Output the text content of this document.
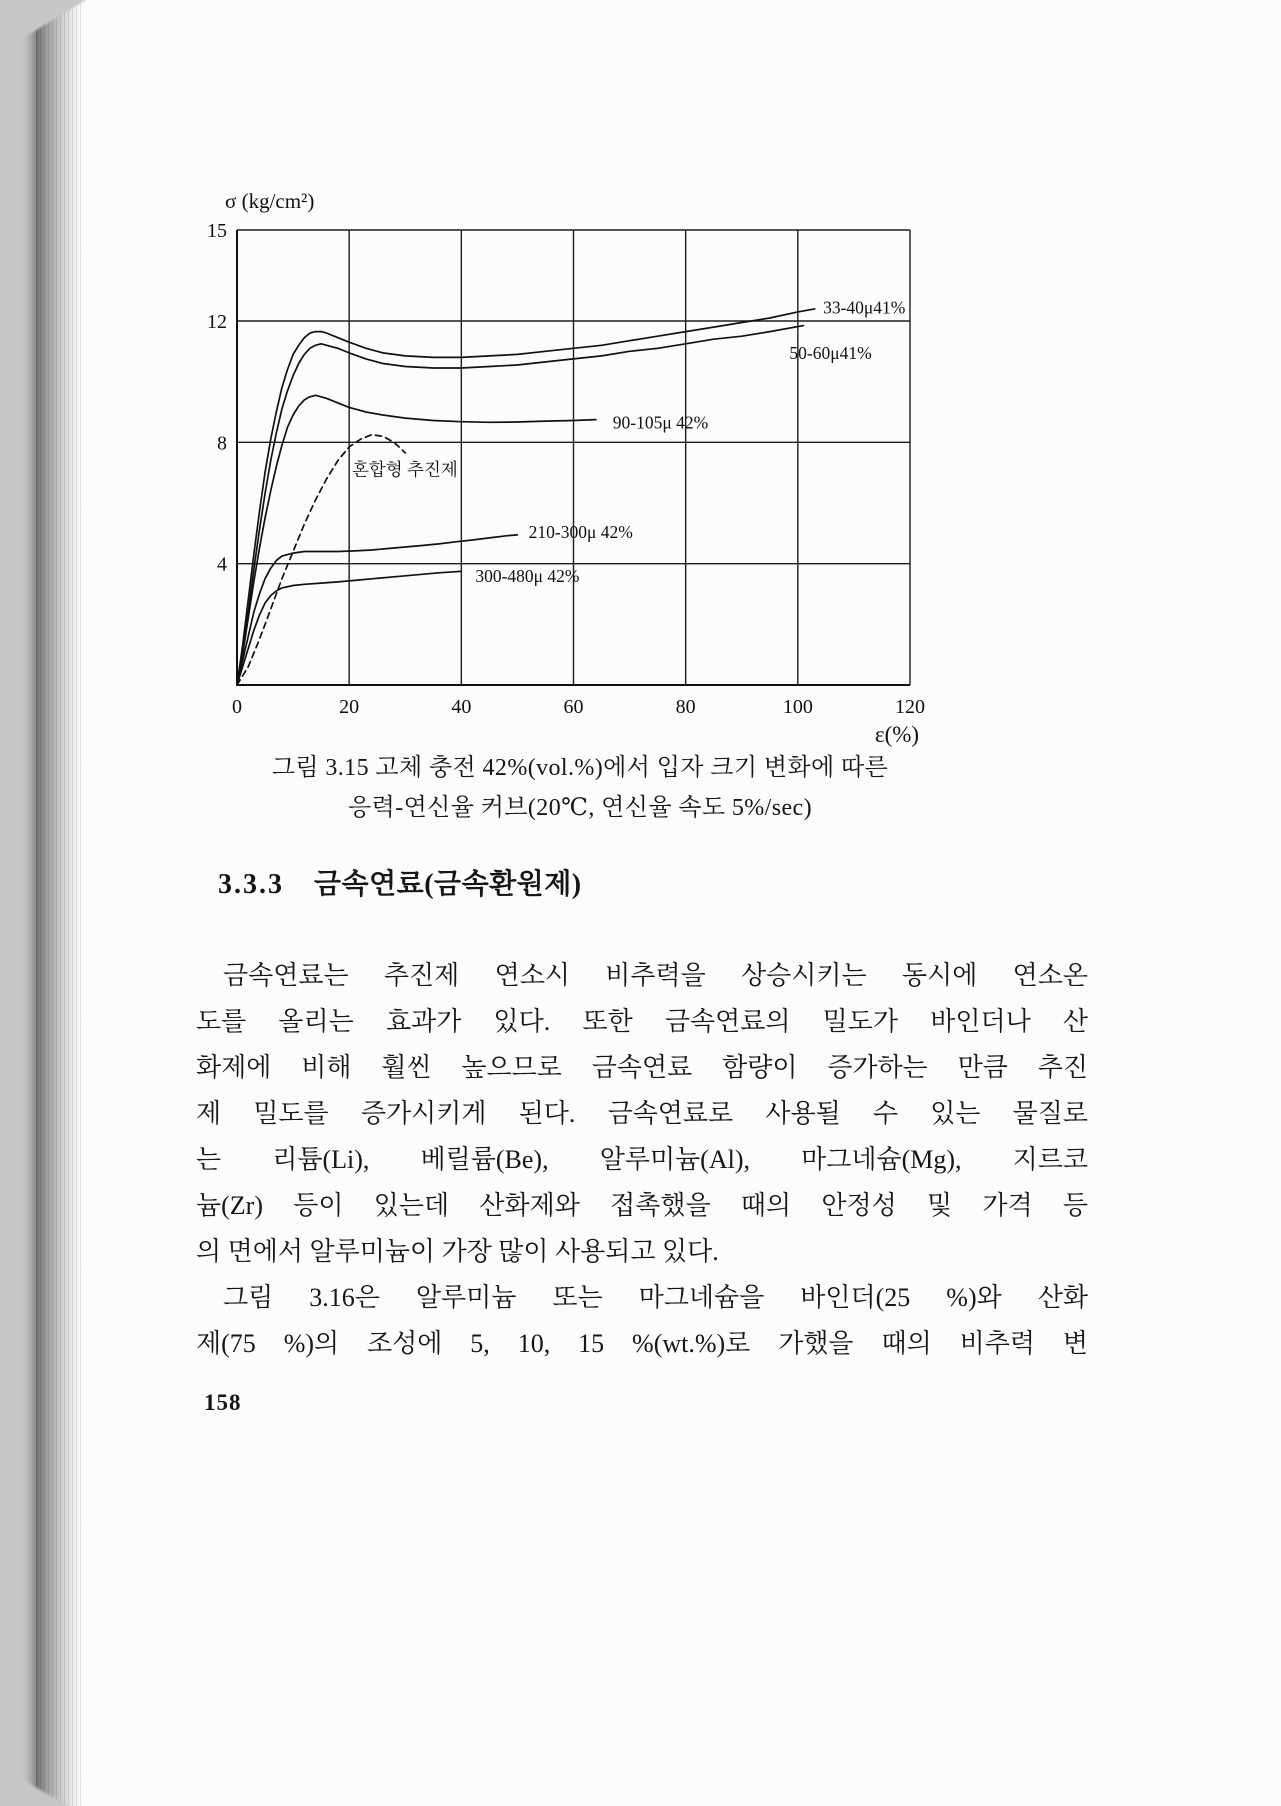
15
12
8
4
0	20	40	60	80	100	120
σ (kg/cm²)
ε(%)
33-40μ41%
50-60μ41%
90-105μ 42%
혼합형 추진제
210-300μ 42%
300-480μ 42%
그림 3.15 고체 충전 42%(vol.%)에서 입자 크기 변화에 따른
응력-연신율 커브(20℃, 연신율 속도 5%/sec)
3.3.3 금속연료(금속환원제)
금속연료는 추진제 연소시 비추력을 상승시키는 동시에 연소온
도를 올리는 효과가 있다. 또한 금속연료의 밀도가 바인더나 산
화제에 비해 훨씬 높으므로 금속연료 함량이 증가하는 만큼 추진
제 밀도를 증가시키게 된다. 금속연료로 사용될 수 있는 물질로
는 리튬(Li), 베릴륨(Be), 알루미늄(Al), 마그네슘(Mg), 지르코
늄(Zr) 등이 있는데 산화제와 접촉했을 때의 안정성 및 가격 등
의 면에서 알루미늄이 가장 많이 사용되고 있다.
그림 3.16은 알루미늄 또는 마그네슘을 바인더(25 %)와 산화
제(75 %)의 조성에 5, 10, 15 %(wt.%)로 가했을 때의 비추력 변
158
